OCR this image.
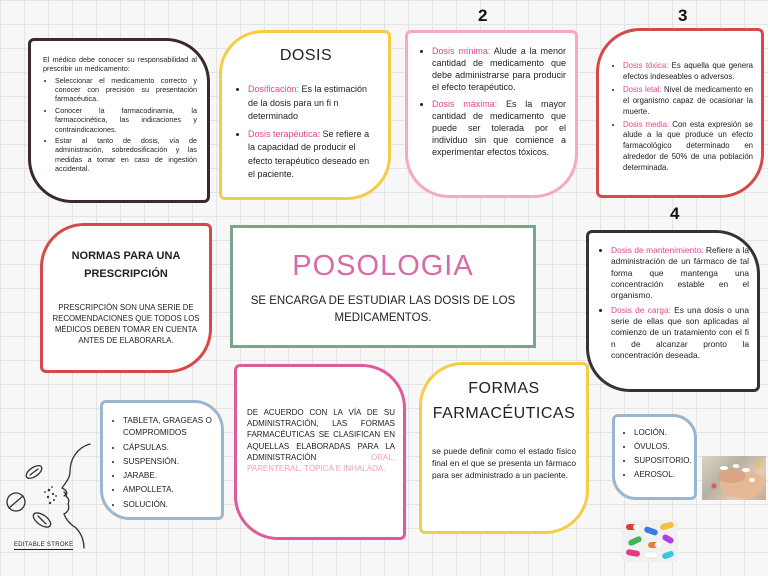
2	3
4

El médico debe conocer su responsabilidad al prescribir un medicamento:

• Seleccionar el medicamento correcto y conocer con precisión su presentación farmacéutica.
• Conocer la farmacodinamia, la farmacocinética, las indicaciones y contraindicaciones.
• Estar al tanto de dosis, vía de administración, sobredosificación y las medidas a tomar en caso de ingestión accidental.
DOSIS
• Dosificación: Es la estimación de la dosis para un fi n determinado
• Dosis terapéutica: Se refiere a la capacidad de producir el efecto terapéutico deseado en el paciente.
• Dosis mínima: Alude a la menor cantidad de medicamento que debe administrarse para producir el efecto terapéutico.
• Dosis máxima: Es la mayor cantidad de medicamento que puede ser tolerada por el individuo sin que comience a experimentar efectos tóxicos.
• Dosis tóxica: Es aquella que genera efectos indeseables o adversos.
• Dosis letal: Nivel de medicamento en el organismo capaz de ocasionar la muerte.
• Dosis media: Con esta expresión se alude a la que produce un efecto farmacológico determinado en alrededor de 50% de una población determinada.
NORMAS PARA UNA PRESCRIPCIÓN

PRESCRIPCIÓN SON UNA SERIE DE RECOMENDACIONES QUE TODOS LOS MÉDICOS DEBEN TOMAR EN CUENTA ANTES DE ELABORARLA.

POSOLOGIA

SE ENCARGA DE ESTUDIAR LAS DOSIS DE LOS MEDICAMENTOS.

• Dosis de mantenimiento: Refiere a la administración de un fármaco de tal forma que mantenga una concentración estable en el organismo.
• Dosis de carga: Es una dosis o una serie de ellas que son aplicadas al comienzo de un tratamiento con el fi n de alcanzar pronto la concentración deseada.
• TABLETA, GRAGEAS O COMPROMIDOS
• CÁPSULAS.
• SUSPENSIÓN.
• JARABE.
• AMPOLLETA.
• SOLUCIÓN.

DE ACUERDO CON LA VÍA DE SU ADMINISTRACIÓN, LAS FORMAS FARMACÉUTICAS SE CLASIFICAN EN AQUELLAS ELABORADAS PARA LA ADMINISTRACIÓN ORAL, PARENTERAL, TÓPICA E INHALADA.

FORMAS FARMACÉUTICAS

se puede definir como el estado físico final en el que se presenta un fármaco para ser administrado a un paciente.

• LOCIÓN.
• ÓVULOS.
• SUPOSITORIO.
• AEROSOL.
EDITABLE STROKE
